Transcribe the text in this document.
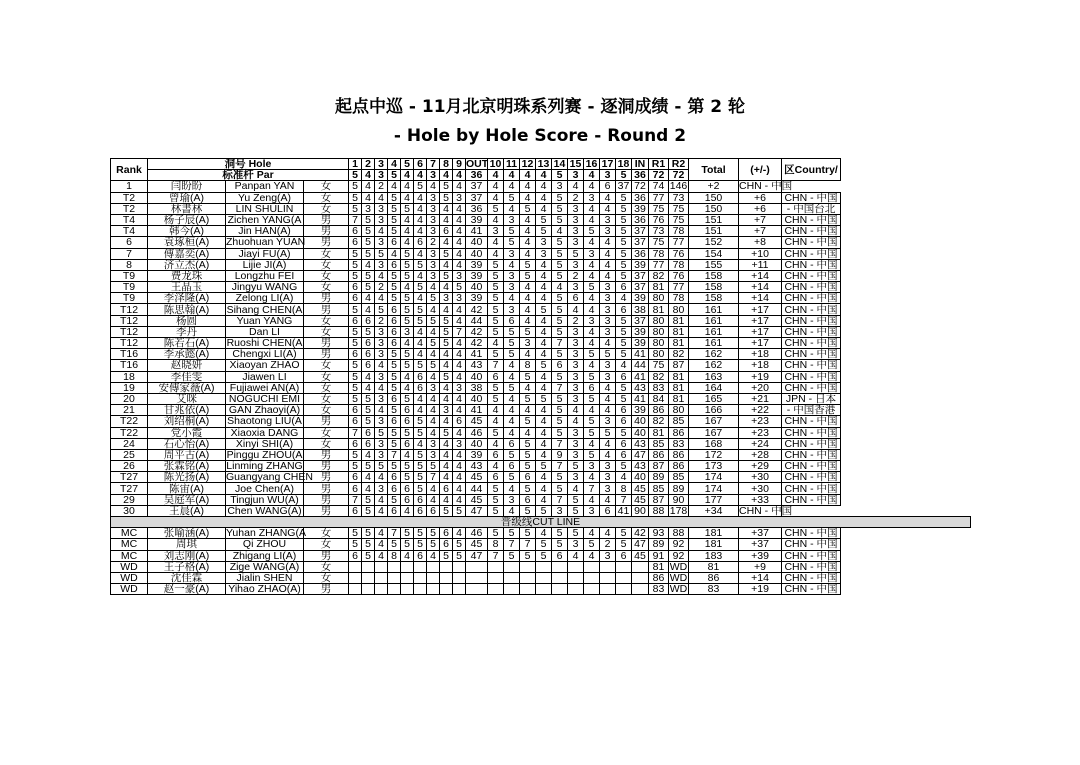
起点中巡 - 11月北京明珠系列赛 - 逐洞成绩 - 第 2 轮
- Hole by Hole Score - Round 2
Rank	洞号 Hole			1	2	3	4	5	6	7	8	9	OUT	10	11	12	13	14	15	16	17	18	IN	R1	R2	Total	(+/-)	区Country/
	标准杆 Par			5	4	3	5	4	4	3	4	4	36	4	4	4	4	5	3	4	3	5	36	72	72			
1	闫盼盼	Panpan YAN	女	5	4	2	4	4	5	4	5	4	37	4	4	4	4	3	4	4	6	37	72	74	146	+2	CHN - 中国	
T2	曾瑜(A)	Yu Zeng(A)	女	5	4	4	5	4	4	3	5	3	37	4	5	4	4	5	2	3	4	5	36	77	73	150	+6	CHN - 中国
T2	林書林	LIN SHULIN	女	5	3	3	5	5	4	3	4	4	36	5	4	5	4	5	3	4	4	5	39	75	75	150	+6	- 中国台北
T4	杨子辰(A)	Zichen YANG(A	男	7	5	3	5	4	4	3	4	4	39	4	3	4	5	5	3	4	3	5	36	76	75	151	+7	CHN - 中国
T4	韩今(A)	Jin HAN(A)	男	6	5	4	5	4	4	3	6	4	41	3	5	4	5	4	3	5	3	5	37	73	78	151	+7	CHN - 中国
6	袁琢桓(A)	Zhuohuan YUAN	男	6	5	3	6	4	6	2	4	4	40	4	5	4	3	5	3	4	4	5	37	75	77	152	+8	CHN - 中国
7	傅嘉奕(A)	Jiayi FU(A)	女	5	5	5	4	5	4	3	5	4	40	4	3	4	3	5	5	3	4	5	36	78	76	154	+10	CHN - 中国
8	济立杰(A)	Lijie JI(A)	女	5	4	3	6	5	5	3	4	4	39	5	4	5	4	5	3	4	4	5	39	77	78	155	+11	CHN - 中国
T9	费龙珠	Longzhu FEI	女	5	5	4	5	5	4	3	5	3	39	5	3	5	4	5	2	4	4	5	37	82	76	158	+14	CHN - 中国
T9	王晶玉	Jingyu WANG	女	6	5	2	5	4	5	4	4	5	40	5	3	4	4	4	3	5	3	6	37	81	77	158	+14	CHN - 中国
T9	李泽隆(A)	Zelong LI(A)	男	6	4	4	5	5	4	5	3	3	39	5	4	4	4	5	6	4	3	4	39	80	78	158	+14	CHN - 中国
T12	陈思翰(A)	Sihang CHEN(A	男	5	4	5	6	5	5	4	4	4	42	5	3	4	5	5	4	4	3	6	38	81	80	161	+17	CHN - 中国
T12	杨圆	Yuan YANG	女	6	6	2	6	5	5	5	5	4	44	5	6	4	4	5	2	3	3	5	37	80	81	161	+17	CHN - 中国
T12	李丹	Dan LI	女	5	5	3	6	3	4	4	5	7	42	5	5	5	4	5	3	4	3	5	39	80	81	161	+17	CHN - 中国
T12	陈若石(A)	Ruoshi CHEN(A	男	5	6	3	6	4	4	5	5	4	42	4	5	3	4	7	3	4	4	5	39	80	81	161	+17	CHN - 中国
T16	李承懿(A)	Chengxi LI(A)	男	6	6	3	5	5	4	4	4	4	41	5	5	4	4	5	3	5	5	5	41	80	82	162	+18	CHN - 中国
T16	赵晓妍	Xiaoyan ZHAO	女	5	6	4	5	5	5	5	4	4	43	7	4	8	5	6	3	4	3	4	44	75	87	162	+18	CHN - 中国
18	李佳雯	Jiawen LI	女	5	4	3	5	4	6	4	5	4	40	6	4	5	4	5	3	5	3	6	41	82	81	163	+19	CHN - 中国
19	安傅家薇(A)	Fujiawei AN(A)	女	5	4	4	5	4	6	3	4	3	38	5	5	4	4	7	3	6	4	5	43	83	81	164	+20	CHN - 中国
20	艾咪	NOGUCHI EMI	女	5	5	3	6	5	4	4	4	4	40	5	4	5	5	5	3	5	4	5	41	84	81	165	+21	JPN - 日本
21	甘兆依(A)	GAN Zhaoyi(A)	女	6	5	4	5	6	4	4	3	4	41	4	4	4	4	5	4	4	4	6	39	86	80	166	+22	- 中国香港
T22	刘绍桐(A)	Shaotong LIU(A	男	6	5	3	6	6	5	4	4	6	45	4	4	5	4	5	4	5	3	6	40	82	85	167	+23	CHN - 中国
T22	党小霞	Xiaoxia DANG	女	7	6	5	5	5	5	4	5	4	46	5	4	4	4	5	3	5	5	5	40	81	86	167	+23	CHN - 中国
24	石心怡(A)	Xinyi SHI(A)	女	6	6	3	5	6	4	3	4	3	40	4	6	5	4	7	3	4	4	6	43	85	83	168	+24	CHN - 中国
25	周平古(A)	Pinggu ZHOU(A	男	5	4	3	7	4	5	3	4	4	39	6	5	5	4	9	3	5	4	6	47	86	86	172	+28	CHN - 中国
26	张霖铭(A)	Linming ZHANG	男	5	5	5	5	5	5	5	4	4	43	4	6	5	5	7	5	3	3	5	43	87	86	173	+29	CHN - 中国
T27	陈光扬(A)	Guangyang CHEN	男	6	4	4	6	5	5	7	4	4	45	6	5	6	4	5	3	4	3	4	40	89	85	174	+30	CHN - 中国
T27	陈宙(A)	Joe Chen(A)	男	6	4	3	6	6	5	4	6	4	44	5	4	5	4	5	4	7	3	8	45	85	89	174	+30	CHN - 中国
29	吴庭军(A)	Tingjun WU(A)	男	7	5	4	5	6	6	4	4	4	45	5	3	6	4	7	5	4	4	7	45	87	90	177	+33	CHN - 中国
30	王晨(A)	Chen WANG(A)	男	6	5	4	6	4	6	6	5	5	47	5	4	5	5	3	5	3	6	41	90	88	178	+34	CHN - 中国	
晋级线CUT LINE																												
MC	张喻涵(A)	Yuhan ZHANG(A	女	5	5	4	7	5	5	5	6	4	46	5	5	5	4	5	5	4	4	5	42	93	88	181	+37	CHN - 中国
MC	周琪	Qi ZHOU	女	5	5	4	5	5	5	5	6	5	45	8	7	7	5	5	3	5	2	5	47	89	92	181	+37	CHN - 中国
MC	刘志刚(A)	Zhigang LI(A)	男	6	5	4	8	4	6	4	5	5	47	7	5	5	5	6	4	4	3	6	45	91	92	183	+39	CHN - 中国
WD	王子格(A)	Zige WANG(A)	女																					81	WD	81	+9	CHN - 中国
WD	沈佳霖	Jialin SHEN	女																					86	WD	86	+14	CHN - 中国
WD	赵一豪(A)	Yihao ZHAO(A)	男																					83	WD	83	+19	CHN - 中国
